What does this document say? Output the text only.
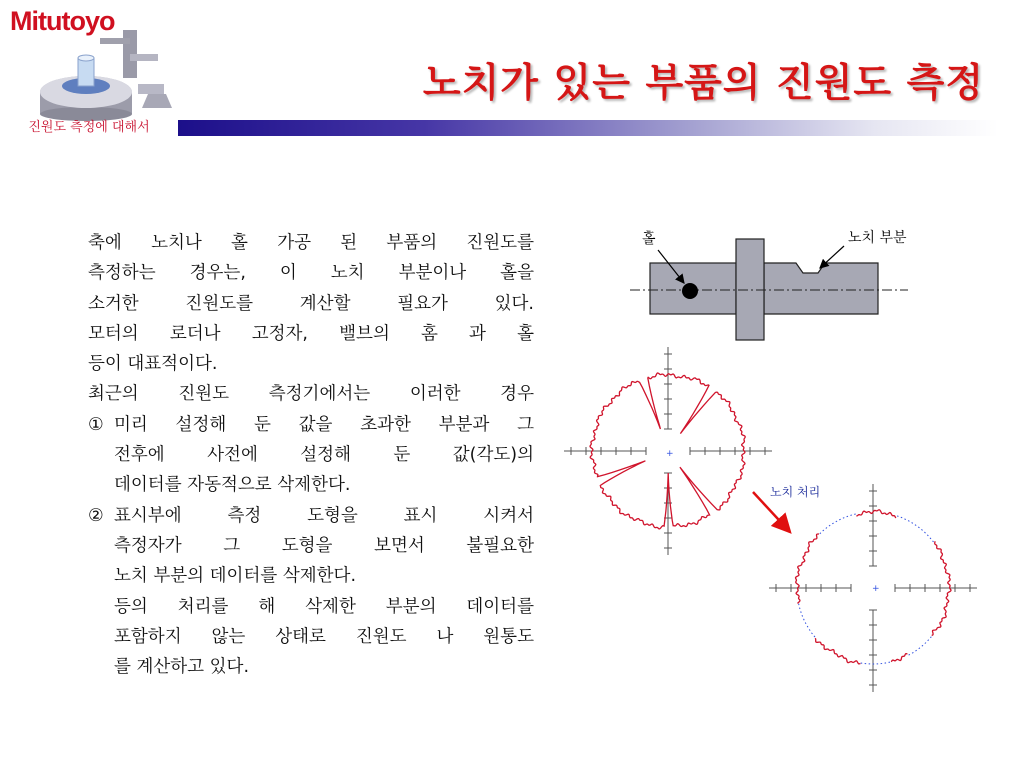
Mitutoyo
진원도 측정에 대해서
노치가 있는 부품의 진원도 측정

축에 노치나 홀 가공 된 부품의 진원도를

측정하는 경우는, 이 노치 부분이나 홀을

소거한 진원도를 계산할 필요가 있다.

모터의 로더나 고정자, 밸브의 홈 과 홀

등이 대표적이다.

최근의 진원도 측정기에서는 이러한 경우

① 미리 설정해 둔 값을 초과한 부분과 그

전후에 사전에 설정해 둔 값(각도)의

데이터를 자동적으로 삭제한다.

② 표시부에 측정 도형을 표시 시켜서

측정자가 그 도형을 보면서 불필요한

노치 부분의 데이터를 삭제한다.

등의 처리를 해 삭제한 부분의 데이터를

포함하지 않는 상태로 진원도 나 원통도

를 계산하고 있다.

홀	노치 부분
+
노치 처리
+
